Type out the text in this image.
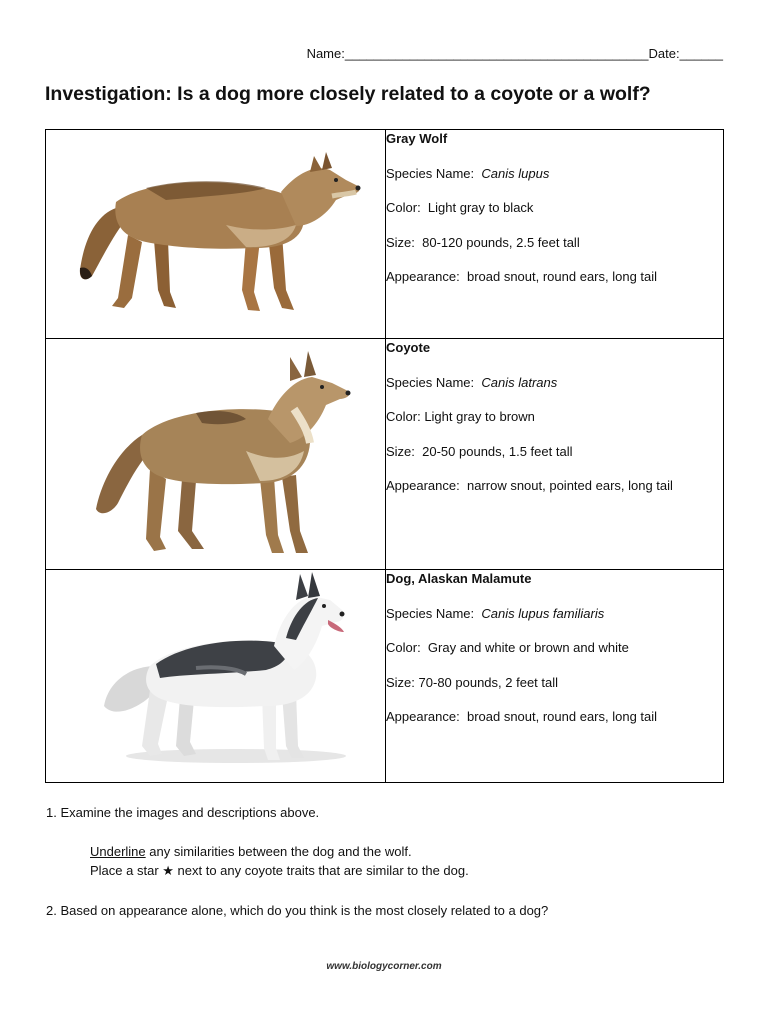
Name:__________________________________________Date:______
Investigation: Is a dog more closely related to a coyote or a wolf?

Gray Wolf

Species Name: Canis lupus

Color: Light gray to black

Size: 80-120 pounds, 2.5 feet tall

Appearance: broad snout, round ears, long tail

Coyote

Species Name: Canis latrans

Color: Light gray to brown

Size: 20-50 pounds, 1.5 feet tall

Appearance: narrow snout, pointed ears, long tail

Dog, Alaskan Malamute

Species Name: Canis lupus familiaris

Color: Gray and white or brown and white

Size: 70-80 pounds, 2 feet tall

Appearance: broad snout, round ears, long tail

1. Examine the images and descriptions above.
Underline any similarities between the dog and the wolf.
Place a star ★ next to any coyote traits that are similar to the dog.
2. Based on appearance alone, which do you think is the most closely related to a dog?
www.biologycorner.com
